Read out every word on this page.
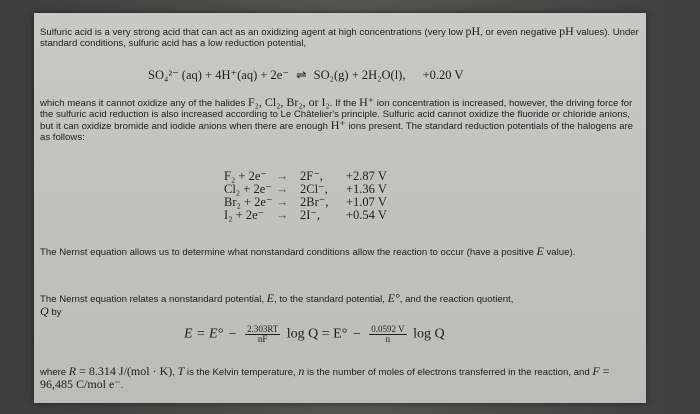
Sulfuric acid is a very strong acid that can act as an oxidizing agent at high concentrations (very low pH, or even negative pH values). Under standard conditions, sulfuric acid has a low reduction potential,
SO₄²⁻ (aq) + 4H⁺(aq) + 2e⁻ ⇌ SO₂(g) + 2H₂O(l), +0.20 V
which means it cannot oxidize any of the halides F₂, Cl₂, Br₂, or I₂. If the H⁺ ion concentration is increased, however, the driving force for the sulfuric acid reduction is also increased according to Le Châtelier's principle. Sulfuric acid cannot oxidize the fluoride or chloride anions, but it can oxidize bromide and iodide anions when there are enough H⁺ ions present. The standard reduction potentials of the halogens are as follows:
F₂ + 2e⁻ → 2F⁻, +2.87 V
Cl₂ + 2e⁻ → 2Cl⁻, +1.36 V
Br₂ + 2e⁻ → 2Br⁻, +1.07 V
I₂ + 2e⁻ → 2I⁻, +0.54 V
The Nernst equation allows us to determine what nonstandard conditions allow the reaction to occur (have a positive E value).
The Nernst equation relates a nonstandard potential, E, to the standard potential, E°, and the reaction quotient,
Q by
$E = E^\circ - \frac{2.303RT}{nF}$ $\log Q = E^\circ - \frac{0.0592 V}{n}$ log Q
where R = 8.314 J/(mol · K), T is the Kelvin temperature, n is the number of moles of electrons transferred in the reaction, and F = 96,485 C/mol e⁻.
